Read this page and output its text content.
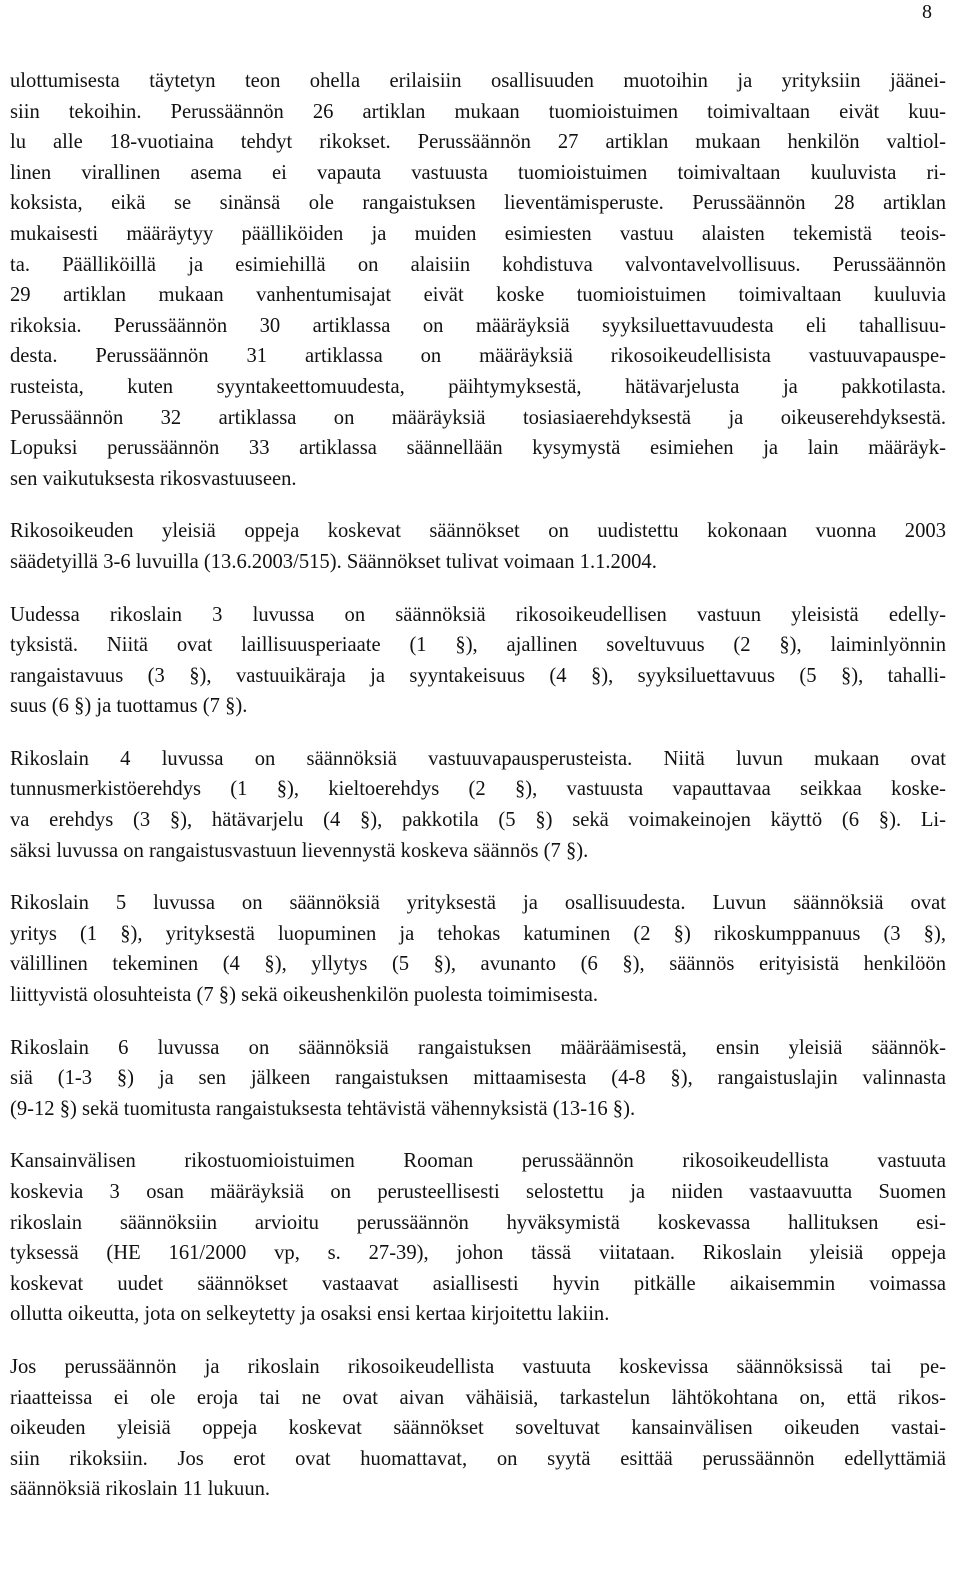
8
ulottumisesta täytetyn teon ohella erilaisiin osallisuuden muotoihin ja yrityksiin jäänei-
siin tekoihin. Perussäännön 26 artiklan mukaan tuomioistuimen toimivaltaan eivät kuu-
lu alle 18-vuotiaina tehdyt rikokset. Perussäännön 27 artiklan mukaan henkilön valtiol-
linen virallinen asema ei vapauta vastuusta tuomioistuimen toimivaltaan kuuluvista ri-
koksista, eikä se sinänsä ole rangaistuksen lieventämisperuste. Perussäännön 28 artiklan
mukaisesti määräytyy päälliköiden ja muiden esimiesten vastuu alaisten tekemistä teois-
ta. Päälliköillä ja esimiehillä on alaisiin kohdistuva valvontavelvollisuus. Perussäännön
29 artiklan mukaan vanhentumisajat eivät koske tuomioistuimen toimivaltaan kuuluvia
rikoksia. Perussäännön 30 artiklassa on määräyksiä syyksiluettavuudesta eli tahallisuu-
desta. Perussäännön 31 artiklassa on määräyksiä rikosoikeudellisista vastuuvapauspe-
rusteista, kuten syyntakeettomuudesta, päihtymyksestä, hätävarjelusta ja pakkotilasta.
Perussäännön 32 artiklassa on määräyksiä tosiasiaerehdyksestä ja oikeuserehdyksestä.
Lopuksi perussäännön 33 artiklassa säännellään kysymystä esimiehen ja lain määräyk-
sen vaikutuksesta rikosvastuuseen.
Rikosoikeuden yleisiä oppeja koskevat säännökset on uudistettu kokonaan vuonna 2003
säädetyillä 3-6 luvuilla (13.6.2003/515). Säännökset tulivat voimaan 1.1.2004.
Uudessa rikoslain 3 luvussa on säännöksiä rikosoikeudellisen vastuun yleisistä edelly-
tyksistä. Niitä ovat laillisuusperiaate (1 §), ajallinen soveltuvuus (2 §), laiminlyönnin
rangaistavuus (3 §), vastuuikäraja ja syyntakeisuus (4 §), syyksiluettavuus (5 §), tahalli-
suus (6 §) ja tuottamus (7 §).
Rikoslain 4 luvussa on säännöksiä vastuuvapausperusteista. Niitä luvun mukaan ovat
tunnusmerkistöerehdys (1 §), kieltoerehdys (2 §), vastuusta vapauttavaa seikkaa koske-
va erehdys (3 §), hätävarjelu (4 §), pakkotila (5 §) sekä voimakeinojen käyttö (6 §). Li-
säksi luvussa on rangaistusvastuun lievennystä koskeva säännös (7 §).
Rikoslain 5 luvussa on säännöksiä yrityksestä ja osallisuudesta. Luvun säännöksiä ovat
yritys (1 §), yrityksestä luopuminen ja tehokas katuminen (2 §) rikoskumppanuus (3 §),
välillinen tekeminen (4 §), yllytys (5 §), avunanto (6 §), säännös erityisistä henkilöön
liittyvistä olosuhteista (7 §) sekä oikeushenkilön puolesta toimimisesta.
Rikoslain 6 luvussa on säännöksiä rangaistuksen määräämisestä, ensin yleisiä säännök-
siä (1-3 §) ja sen jälkeen rangaistuksen mittaamisesta (4-8 §), rangaistuslajin valinnasta
(9-12 §) sekä tuomitusta rangaistuksesta tehtävistä vähennyksistä (13-16 §).
Kansainvälisen rikostuomioistuimen Rooman perussäännön rikosoikeudellista vastuuta
koskevia 3 osan määräyksiä on perusteellisesti selostettu ja niiden vastaavuutta Suomen
rikoslain säännöksiin arvioitu perussäännön hyväksymistä koskevassa hallituksen esi-
tyksessä (HE 161/2000 vp, s. 27-39), johon tässä viitataan. Rikoslain yleisiä oppeja
koskevat uudet säännökset vastaavat asiallisesti hyvin pitkälle aikaisemmin voimassa
ollutta oikeutta, jota on selkeytetty ja osaksi ensi kertaa kirjoitettu lakiin.
Jos perussäännön ja rikoslain rikosoikeudellista vastuuta koskevissa säännöksissä tai pe-
riaatteissa ei ole eroja tai ne ovat aivan vähäisiä, tarkastelun lähtökohtana on, että rikos-
oikeuden yleisiä oppeja koskevat säännökset soveltuvat kansainvälisen oikeuden vastai-
siin rikoksiin. Jos erot ovat huomattavat, on syytä esittää perussäännön edellyttämiä
säännöksiä rikoslain 11 lukuun.
